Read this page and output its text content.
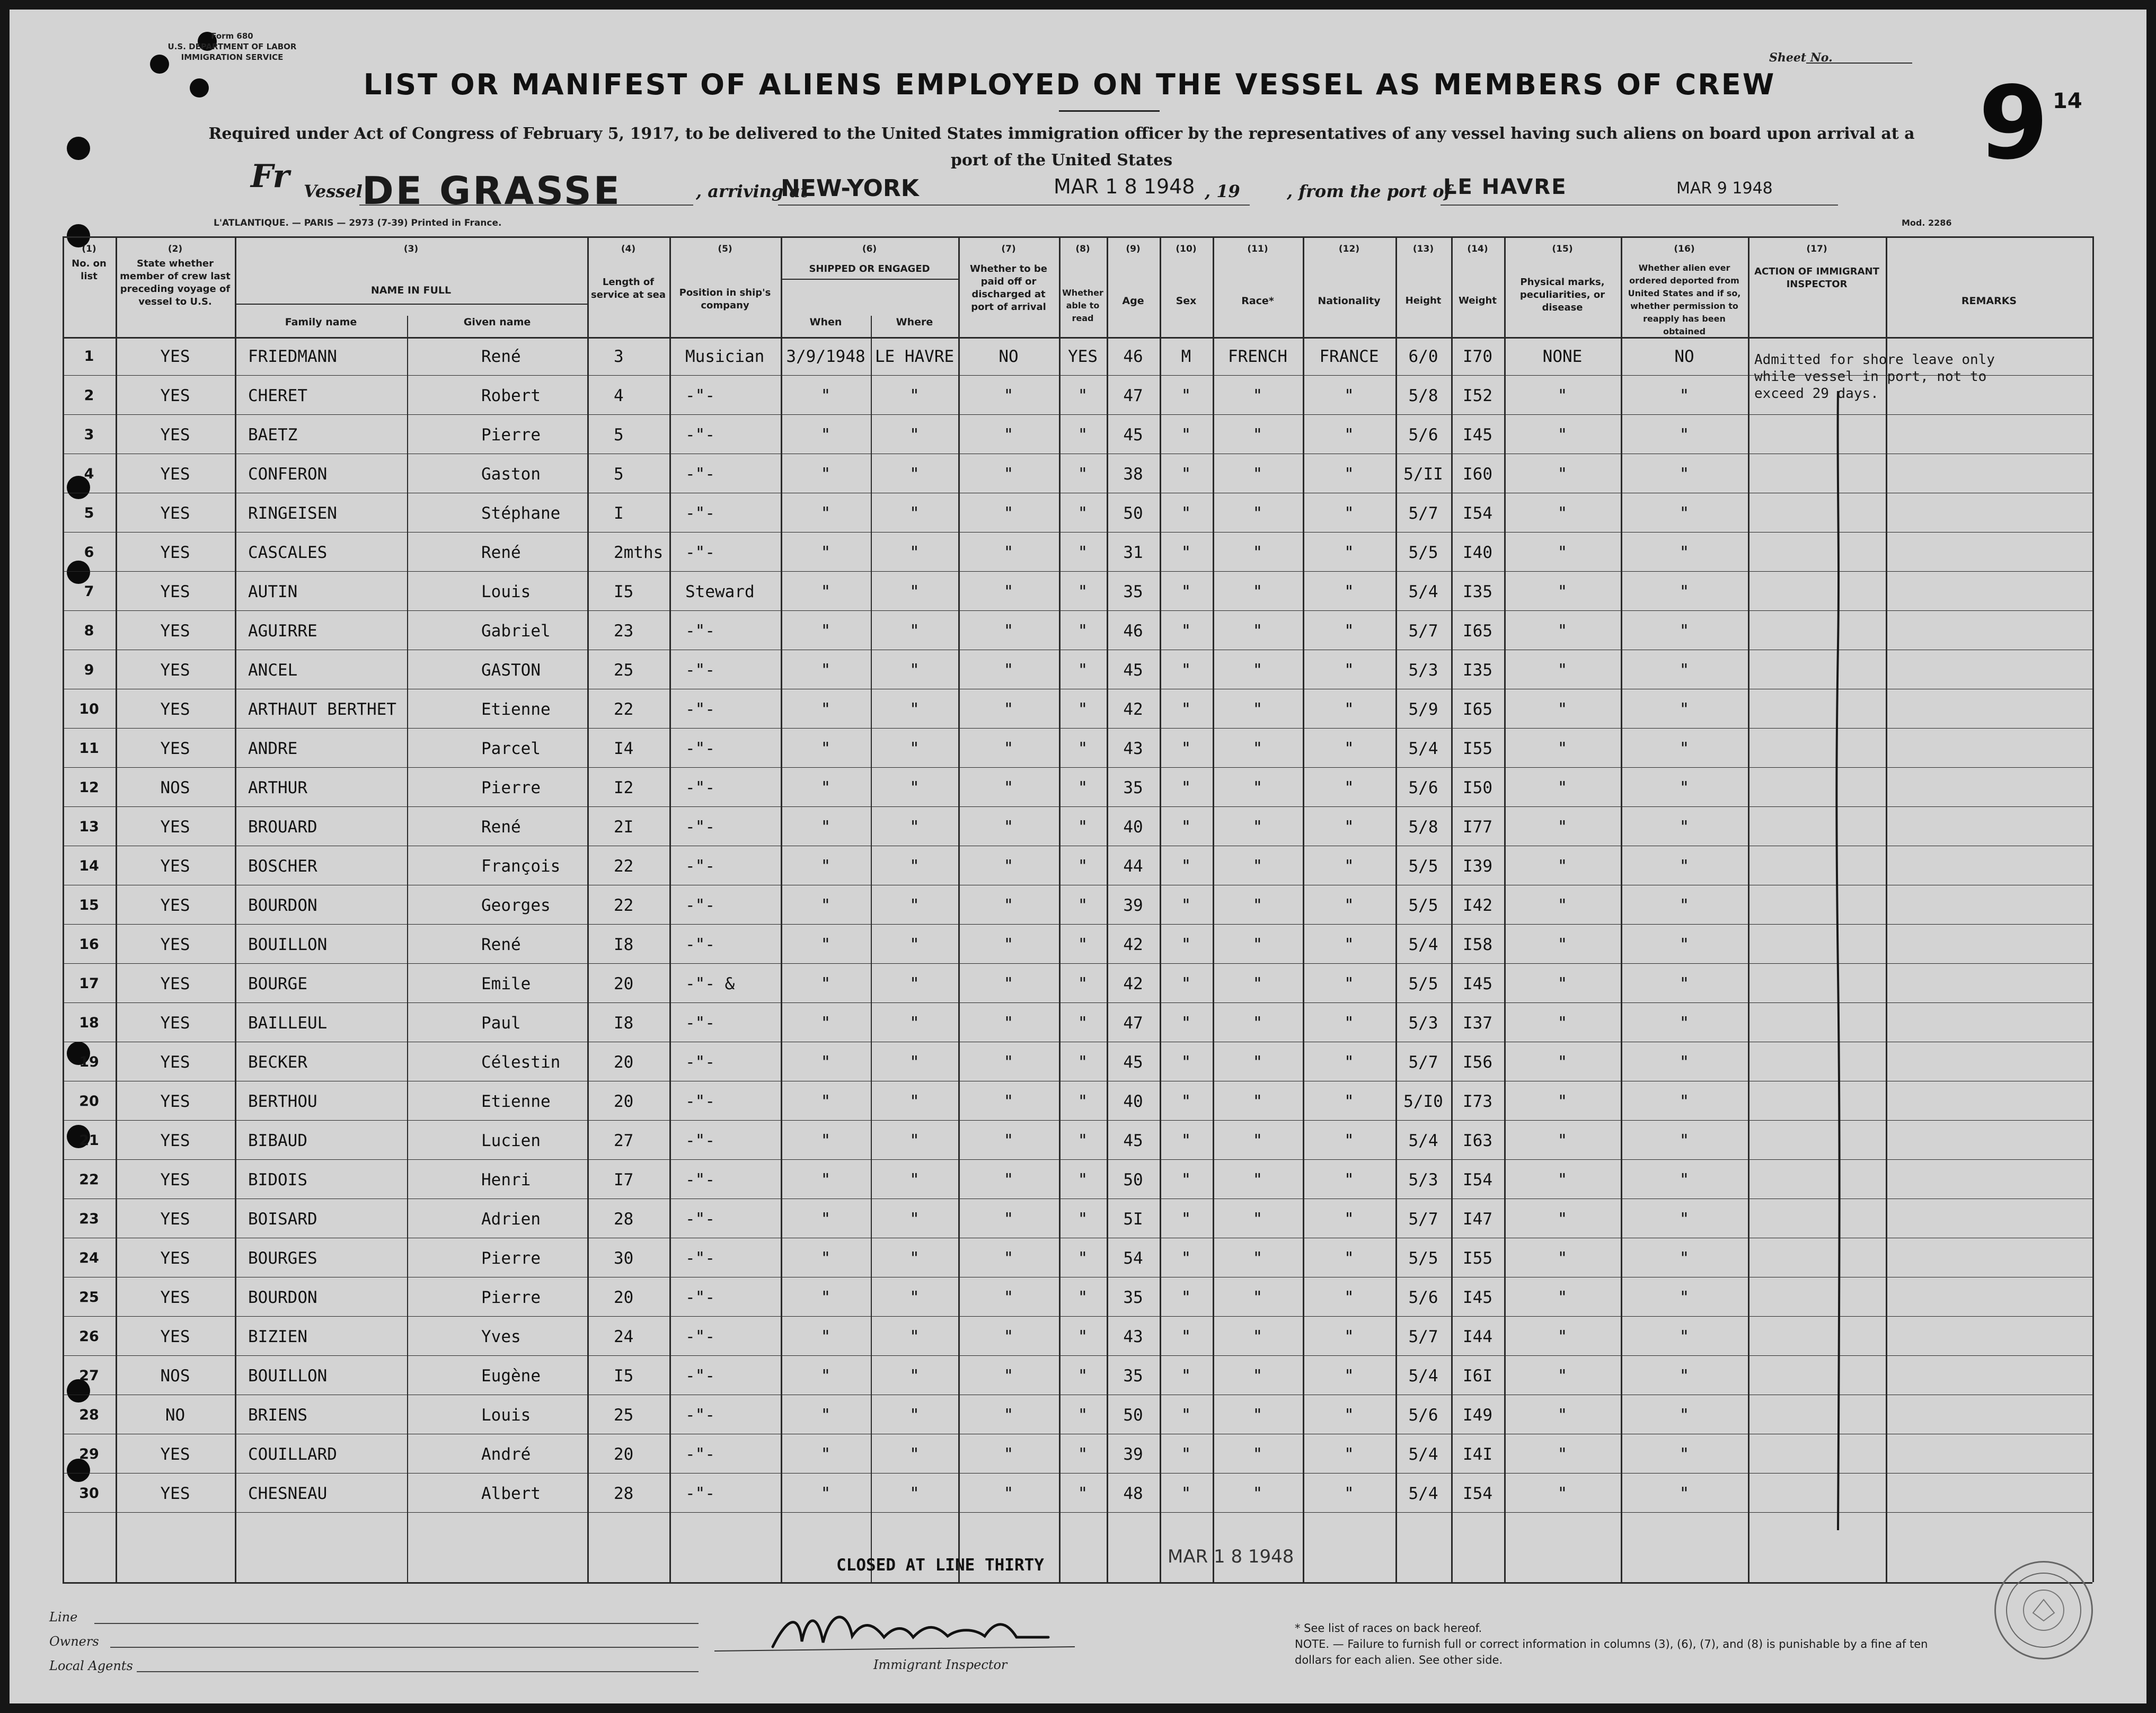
Form 680
U.S. DEPARTMENT OF LABOR
IMMIGRATION SERVICE	Sheet No.
LIST OR MANIFEST OF ALIENS EMPLOYED ON THE VESSEL AS MEMBERS OF CREW	9 14
Required under Act of Congress of February 5, 1917, to be delivered to the United States immigration officer by the representatives of any vessel having such aliens on board upon arrival at a port of the United States
Fr Vessel DE GRASSE	, arriving at
NEW-YORK	MAR 1 8 1948 , 19	, from the port of
LE HAVRE	MAR 9 1948
L'ATLANTIQUE. — PARIS — 2973 (7-39) Printed in France.	Mod. 2286
(1)
No. on list
(2)
State whether member of crew last preceding voyage of vessel to U.S.
(3)
NAME IN FULL
Family name	Given name
(4)
Length of service at sea
(5)
Position in ship's company
(6)
SHIPPED OR ENGAGED
When	Where
(7)
Whether to be paid off or discharged at port of arrival
(8)
Whether able to read
(9)
Age
(10)
Sex
(11)
Race*
(12)
Nationality
(13)
Height
(14)
Weight
(15)
Physical marks, peculiarities, or disease
(16)
Whether alien ever ordered deported from United States and if so, whether permission to reapply has been obtained
(17)
ACTION OF IMMIGRANT INSPECTOR
REMARKS
1	YES	FRIEDMANN	René	3	Musician	3/9/1948 LE HAVRE	NO	YES	46	M	FRENCH	FRANCE	6/0	I70	NONE	NO
2	YES	CHERET	Robert	4	-"-	"	"	"	"	47	"	"	"	5/8	I52	"	"
3	YES	BAETZ	Pierre	5	-"-	"	"	"	"	45	"	"	"	5/6	I45	"	"
4	YES	CONFERON	Gaston	5	-"-	"	"	"	"	38	"	"	"	5/II	I60	"	"
5	YES	RINGEISEN	Stéphane	I	-"-	"	"	"	"	50	"	"	"	5/7	I54	"	"
6	YES	CASCALES	René	2mths	-"-	"	"	"	"	31	"	"	"	5/5	I40	"	"
7	YES	AUTIN	Louis	I5	Steward	"	"	"	"	35	"	"	"	5/4	I35	"	"
8	YES	AGUIRRE	Gabriel	23	-"-	"	"	"	"	46	"	"	"	5/7	I65	"	"
9	YES	ANCEL	GASTON	25	-"-	"	"	"	"	45	"	"	"	5/3	I35	"	"
10	YES	ARTHAUT BERTHET	Etienne	22	-"-	"	"	"	"	42	"	"	"	5/9	I65	"	"
11	YES	ANDRE	Parcel	I4	-"-	"	"	"	"	43	"	"	"	5/4	I55	"	"
12	NOS	ARTHUR	Pierre	I2	-"-	"	"	"	"	35	"	"	"	5/6	I50	"	"
13	YES	BROUARD	René	2I	-"-	"	"	"	"	40	"	"	"	5/8	I77	"	"
14	YES	BOSCHER	François	22	-"-	"	"	"	"	44	"	"	"	5/5	I39	"	"
15	YES	BOURDON	Georges	22	-"-	"	"	"	"	39	"	"	"	5/5	I42	"	"
16	YES	BOUILLON	René	I8	-"-	"	"	"	"	42	"	"	"	5/4	I58	"	"
17	YES	BOURGE	Emile	20	-"- &	"	"	"	"	42	"	"	"	5/5	I45	"	"
18	YES	BAILLEUL	Paul	I8	-"-	"	"	"	"	47	"	"	"	5/3	I37	"	"
19	YES	BECKER	Célestin	20	-"-	"	"	"	"	45	"	"	"	5/7	I56	"	"
20	YES	BERTHOU	Etienne	20	-"-	"	"	"	"	40	"	"	"	5/I0	I73	"	"
21	YES	BIBAUD	Lucien	27	-"-	"	"	"	"	45	"	"	"	5/4	I63	"	"
22	YES	BIDOIS	Henri	I7	-"-	"	"	"	"	50	"	"	"	5/3	I54	"	"
23	YES	BOISARD	Adrien	28	-"-	"	"	"	"	5I	"	"	"	5/7	I47	"	"
24	YES	BOURGES	Pierre	30	-"-	"	"	"	"	54	"	"	"	5/5	I55	"	"
25	YES	BOURDON	Pierre	20	-"-	"	"	"	"	35	"	"	"	5/6	I45	"	"
26	YES	BIZIEN	Yves	24	-"-	"	"	"	"	43	"	"	"	5/7	I44	"	"
27	NOS	BOUILLON	Eugène	I5	-"-	"	"	"	"	35	"	"	"	5/4	I6I	"	"
28	NO	BRIENS	Louis	25	-"-	"	"	"	"	50	"	"	"	5/6	I49	"	"
29	YES	COUILLARD	André	20	-"-	"	"	"	"	39	"	"	"	5/4	I4I	"	"
30	YES	CHESNEAU	Albert	28	-"-	"	"	"	"	48	"	"	"	5/4	I54	"	"
Admitted for shore leave only while vessel in port, not to exceed 29 days.
CLOSED AT LINE THIRTY	MAR 1 8 1948
Line
Owners
Local Agents	Immigrant Inspector
* See list of races on back hereof.
NOTE. — Failure to furnish full or correct information in columns (3), (6), (7), and (8) is punishable by a fine af ten dollars for each alien. See other side.
